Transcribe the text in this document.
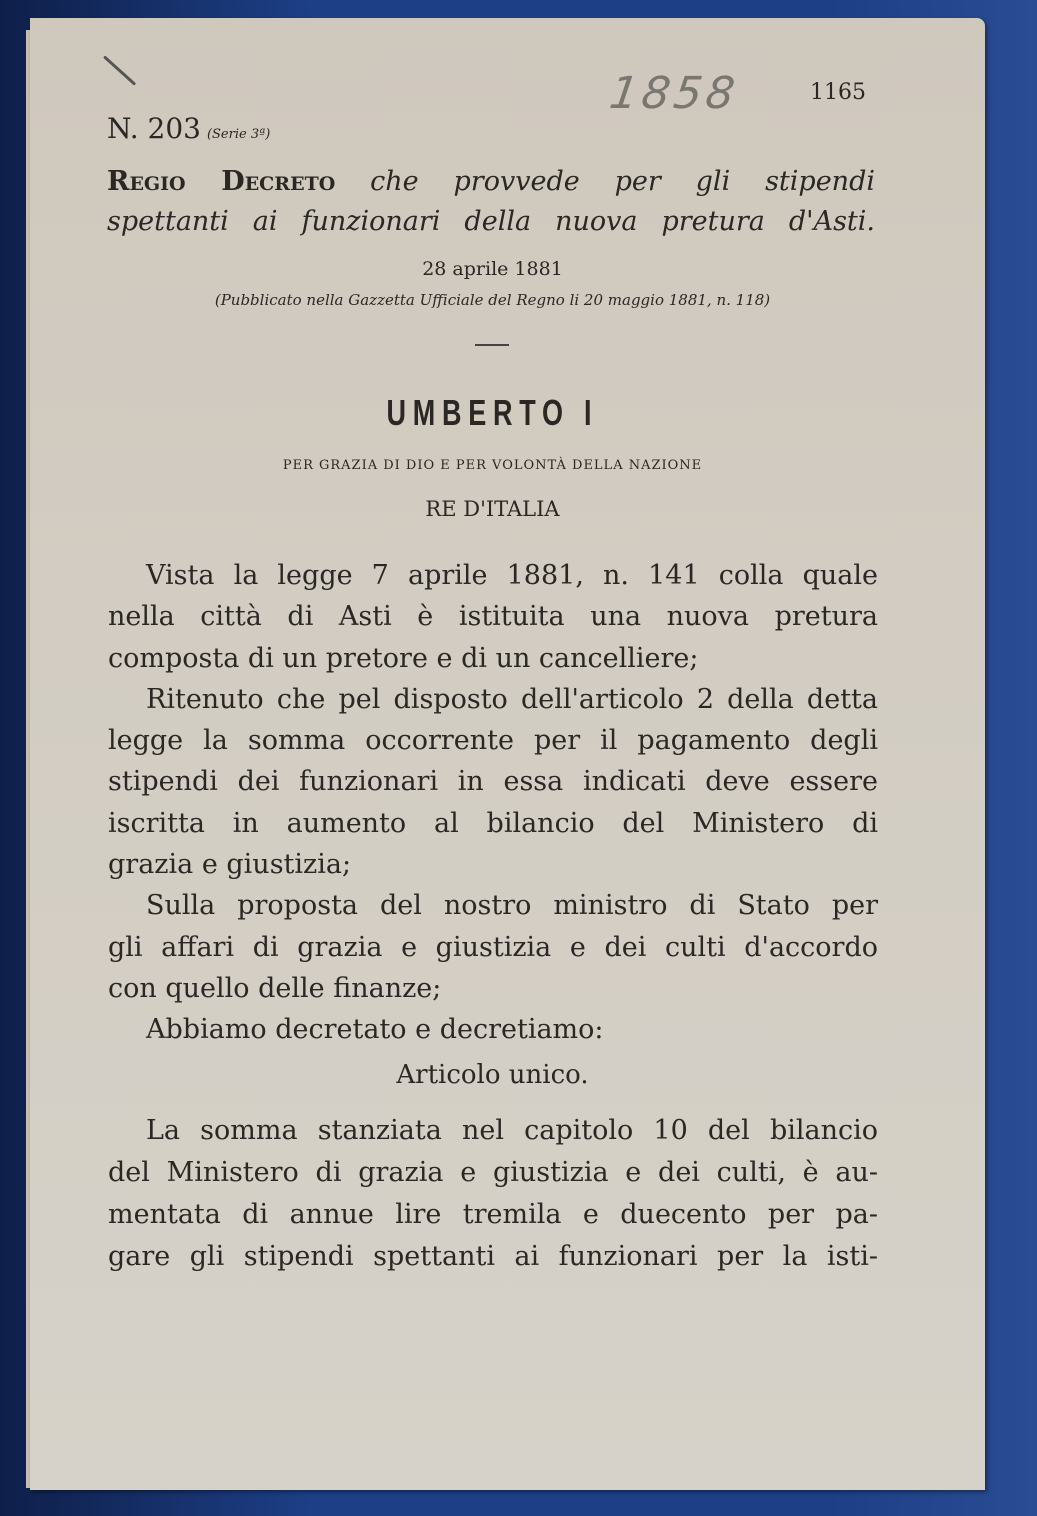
1858	1165
N. 203 (Serie 3ª)
Regio Decreto che provvede per gli stipendi
spettanti ai funzionari della nuova pretura d'Asti.
28 aprile 1881
(Pubblicato nella Gazzetta Ufficiale del Regno li 20 maggio 1881, n. 118)
UMBERTO I
PER GRAZIA DI DIO E PER VOLONTÀ DELLA NAZIONE
RE D'ITALIA
Vista la legge 7 aprile 1881, n. 141 colla quale
nella città di Asti è istituita una nuova pretura
composta di un pretore e di un cancelliere;
Ritenuto che pel disposto dell'articolo 2 della detta
legge la somma occorrente per il pagamento degli
stipendi dei funzionari in essa indicati deve essere
iscritta in aumento al bilancio del Ministero di
grazia e giustizia;
Sulla proposta del nostro ministro di Stato per
gli affari di grazia e giustizia e dei culti d'accordo
con quello delle finanze;
Abbiamo decretato e decretiamo:
Articolo unico.
La somma stanziata nel capitolo 10 del bilancio
del Ministero di grazia e giustizia e dei culti, è au-
mentata di annue lire tremila e duecento per pa-
gare gli stipendi spettanti ai funzionari per la isti-
